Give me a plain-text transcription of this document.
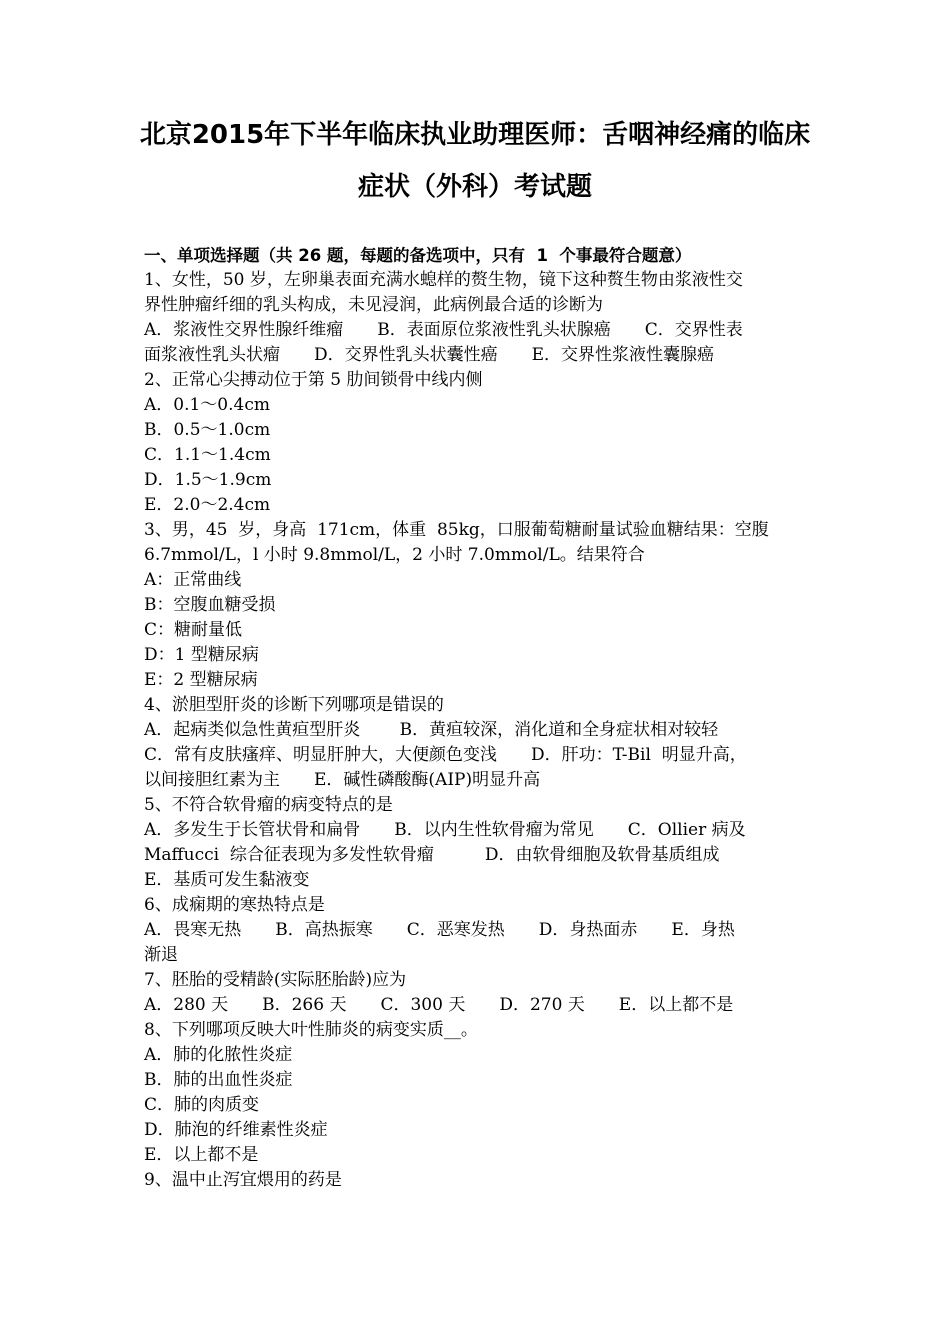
北京2015年下半年临床执业助理医师：舌咽神经痛的临床
症状（外科）考试题
一、单项选择题（共 26 题，每题的备选项中，只有  1  个事最符合题意）
1、女性，50 岁，左卵巢表面充满水螅样的赘生物，镜下这种赘生物由浆液性交
界性肿瘤纤细的乳头构成，未见浸润，此病例最合适的诊断为
A．浆液性交界性腺纤维瘤　　B．表面原位浆液性乳头状腺癌　　C．交界性表
面浆液性乳头状瘤　　D．交界性乳头状囊性癌　　E．交界性浆液性囊腺癌
2、正常心尖搏动位于第 5 肋间锁骨中线内侧
A．0.1～0.4cm
B．0.5～1.0cm
C．1.1～1.4cm
D．1.5～1.9cm
E．2.0～2.4cm
3、男，45  岁，身高  171cm，体重  85kg，口服葡萄糖耐量试验血糖结果：空腹
6.7mmol/L，l 小时 9.8mmol/L，2 小时 7.0mmol/L。结果符合
A：正常曲线
B：空腹血糖受损
C：糖耐量低
D：1 型糖尿病
E：2 型糖尿病
4、淤胆型肝炎的诊断下列哪项是错误的
A．起病类似急性黄疸型肝炎　　 B．黄疸较深，消化道和全身症状相对较轻
C．常有皮肤瘙痒、明显肝肿大，大便颜色变浅　　D．肝功：T-Bil  明显升高，
以间接胆红素为主　　E．碱性磷酸酶(AIP)明显升高
5、不符合软骨瘤的病变特点的是
A．多发生于长管状骨和扁骨　　B．以内生性软骨瘤为常见　　C．Ollier 病及
Maffucci  综合征表现为多发性软骨瘤　　　D．由软骨细胞及软骨基质组成
E．基质可发生黏液变
6、成痫期的寒热特点是
A．畏寒无热　　B．高热振寒　　C．恶寒发热　　D．身热面赤　　E．身热
渐退
7、胚胎的受精龄(实际胚胎龄)应为
A．280 天　　B．266 天　　C．300 天　　D．270 天　　E．以上都不是
8、下列哪项反映大叶性肺炎的病变实质__。
A．肺的化脓性炎症
B．肺的出血性炎症
C．肺的肉质变
D．肺泡的纤维素性炎症
E．以上都不是
9、温中止泻宜煨用的药是
